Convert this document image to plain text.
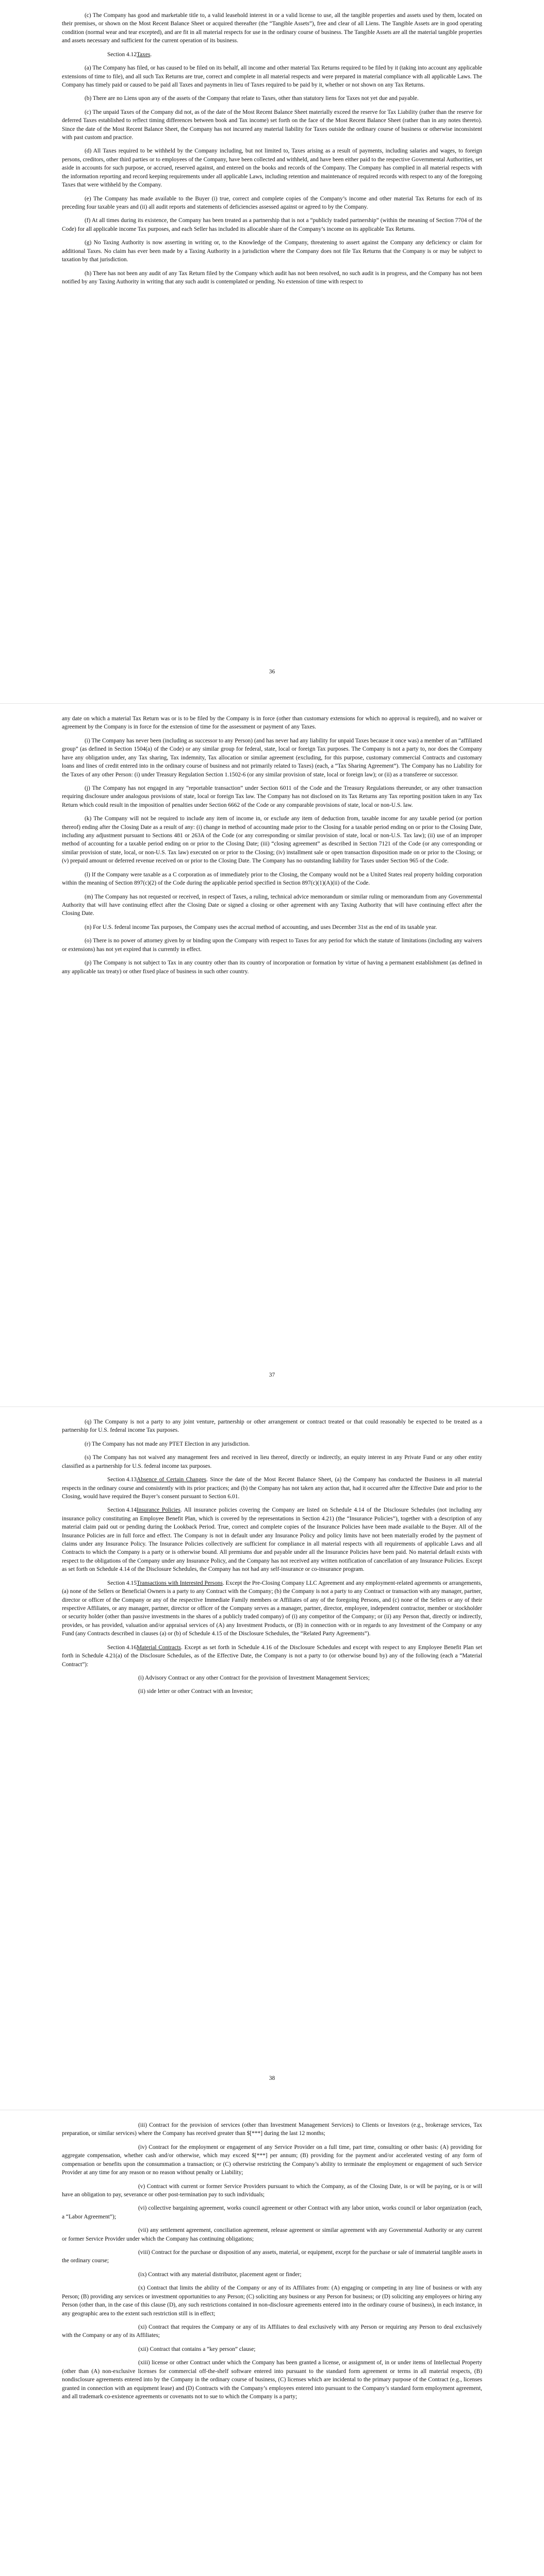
(c) The Company has good and marketable title to, a valid leasehold interest in or a valid license to use, all the tangible properties and assets used by them, located on their premises, or shown on the Most Recent Balance Sheet or acquired thereafter (the “Tangible Assets”), free and clear of all Liens. The Tangible Assets are in good operating condition (normal wear and tear excepted), and are fit in all material respects for use in the ordinary course of business. The Tangible Assets are all the material tangible properties and assets necessary and sufficient for the current operation of its business.

Section 4.12Taxes.

(a) The Company has filed, or has caused to be filed on its behalf, all income and other material Tax Returns required to be filed by it (taking into account any applicable extensions of time to file), and all such Tax Returns are true, correct and complete in all material respects and were prepared in material compliance with all applicable Laws. The Company has timely paid or caused to be paid all Taxes and payments in lieu of Taxes required to be paid by it, whether or not shown on any Tax Returns.

(b) There are no Liens upon any of the assets of the Company that relate to Taxes, other than statutory liens for Taxes not yet due and payable.

(c) The unpaid Taxes of the Company did not, as of the date of the Most Recent Balance Sheet materially exceed the reserve for Tax Liability (rather than the reserve for deferred Taxes established to reflect timing differences between book and Tax income) set forth on the face of the Most Recent Balance Sheet (rather than in any notes thereto). Since the date of the Most Recent Balance Sheet, the Company has not incurred any material liability for Taxes outside the ordinary course of business or otherwise inconsistent with past custom and practice.

(d) All Taxes required to be withheld by the Company including, but not limited to, Taxes arising as a result of payments, including salaries and wages, to foreign persons, creditors, other third parties or to employees of the Company, have been collected and withheld, and have been either paid to the respective Governmental Authorities, set aside in accounts for such purpose, or accrued, reserved against, and entered on the books and records of the Company. The Company has complied in all material respects with the information reporting and record keeping requirements under all applicable Laws, including retention and maintenance of required records with respect to any of the foregoing Taxes that were withheld by the Company.

(e) The Company has made available to the Buyer (i) true, correct and complete copies of the Company’s income and other material Tax Returns for each of its preceding four taxable years and (ii) all audit reports and statements of deficiencies assessed against or agreed to by the Company.

(f) At all times during its existence, the Company has been treated as a partnership that is not a “publicly traded partnership” (within the meaning of Section 7704 of the Code) for all applicable income Tax purposes, and each Seller has included its allocable share of the Company’s income on its applicable Tax Returns.

(g) No Taxing Authority is now asserting in writing or, to the Knowledge of the Company, threatening to assert against the Company any deficiency or claim for additional Taxes. No claim has ever been made by a Taxing Authority in a jurisdiction where the Company does not file Tax Returns that the Company is or may be subject to taxation by that jurisdiction.

(h) There has not been any audit of any Tax Return filed by the Company which audit has not been resolved, no such audit is in progress, and the Company has not been notified by any Taxing Authority in writing that any such audit is contemplated or pending. No extension of time with respect to

36

any date on which a material Tax Return was or is to be filed by the Company is in force (other than customary extensions for which no approval is required), and no waiver or agreement by the Company is in force for the extension of time for the assessment or payment of any Taxes.

(i) The Company has never been (including as successor to any Person) (and has never had any liability for unpaid Taxes because it once was) a member of an “affiliated group” (as defined in Section 1504(a) of the Code) or any similar group for federal, state, local or foreign Tax purposes. The Company is not a party to, nor does the Company have any obligation under, any Tax sharing, Tax indemnity, Tax allocation or similar agreement (excluding, for this purpose, customary commercial Contracts and customary loans and lines of credit entered into in the ordinary course of business and not primarily related to Taxes) (each, a “Tax Sharing Agreement”). The Company has no Liability for the Taxes of any other Person: (i) under Treasury Regulation Section 1.1502-6 (or any similar provision of state, local or foreign law); or (ii) as a transferee or successor.

(j) The Company has not engaged in any “reportable transaction” under Section 6011 of the Code and the Treasury Regulations thereunder, or any other transaction requiring disclosure under analogous provisions of state, local or foreign Tax law. The Company has not disclosed on its Tax Returns any Tax reporting position taken in any Tax Return which could result in the imposition of penalties under Section 6662 of the Code or any comparable provisions of state, local or non-U.S. law.

(k) The Company will not be required to include any item of income in, or exclude any item of deduction from, taxable income for any taxable period (or portion thereof) ending after the Closing Date as a result of any: (i) change in method of accounting made prior to the Closing for a taxable period ending on or prior to the Closing Date, including any adjustment pursuant to Sections 481 or 263A of the Code (or any corresponding or similar provision of state, local or non-U.S. Tax law); (ii) use of an improper method of accounting for a taxable period ending on or prior to the Closing Date; (iii) “closing agreement” as described in Section 7121 of the Code (or any corresponding or similar provision of state, local, or non-U.S. Tax law) executed on or prior to the Closing; (iv) installment sale or open transaction disposition made on or prior to the Closing; or (v) prepaid amount or deferred revenue received on or prior to the Closing Date. The Company has no outstanding liability for Taxes under Section 965 of the Code.

(l) If the Company were taxable as a C corporation as of immediately prior to the Closing, the Company would not be a United States real property holding corporation within the meaning of Section 897(c)(2) of the Code during the applicable period specified in Section 897(c)(1)(A)(ii) of the Code.

(m) The Company has not requested or received, in respect of Taxes, a ruling, technical advice memorandum or similar ruling or memorandum from any Governmental Authority that will have continuing effect after the Closing Date or signed a closing or other agreement with any Taxing Authority that will have continuing effect after the Closing Date.

(n) For U.S. federal income Tax purposes, the Company uses the accrual method of accounting, and uses December 31st as the end of its taxable year.

(o) There is no power of attorney given by or binding upon the Company with respect to Taxes for any period for which the statute of limitations (including any waivers or extensions) has not yet expired that is currently in effect.

(p) The Company is not subject to Tax in any country other than its country of incorporation or formation by virtue of having a permanent establishment (as defined in any applicable tax treaty) or other fixed place of business in such other country.

37

(q) The Company is not a party to any joint venture, partnership or other arrangement or contract treated or that could reasonably be expected to be treated as a partnership for U.S. federal income Tax purposes.

(r) The Company has not made any PTET Election in any jurisdiction.

(s) The Company has not waived any management fees and received in lieu thereof, directly or indirectly, an equity interest in any Private Fund or any other entity classified as a partnership for U.S. federal income tax purposes.

Section 4.13Absence of Certain Changes. Since the date of the Most Recent Balance Sheet, (a) the Company has conducted the Business in all material respects in the ordinary course and consistently with its prior practices; and (b) the Company has not taken any action that, had it occurred after the Effective Date and prior to the Closing, would have required the Buyer’s consent pursuant to Section 6.01.

Section 4.14Insurance Policies. All insurance policies covering the Company are listed on Schedule 4.14 of the Disclosure Schedules (not including any insurance policy constituting an Employee Benefit Plan, which is covered by the representations in Section 4.21) (the “Insurance Policies”), together with a description of any material claim paid out or pending during the Lookback Period. True, correct and complete copies of the Insurance Policies have been made available to the Buyer. All of the Insurance Policies are in full force and effect. The Company is not in default under any Insurance Policy and policy limits have not been materially eroded by the payment of claims under any Insurance Policy. The Insurance Policies collectively are sufficient for compliance in all material respects with all requirements of applicable Laws and all Contracts to which the Company is a party or is otherwise bound. All premiums due and payable under all the Insurance Policies have been paid. No material default exists with respect to the obligations of the Company under any Insurance Policy, and the Company has not received any written notification of cancellation of any Insurance Policies. Except as set forth on Schedule 4.14 of the Disclosure Schedules, the Company has not had any self-insurance or co-insurance program.

Section 4.15Transactions with Interested Persons. Except the Pre-Closing Company LLC Agreement and any employment-related agreements or arrangements, (a) none of the Sellers or Beneficial Owners is a party to any Contract with the Company; (b) the Company is not a party to any Contract or transaction with any manager, partner, director or officer of the Company or any of the respective Immediate Family members or Affiliates of any of the foregoing Persons, and (c) none of the Sellers or any of their respective Affiliates, or any manager, partner, director or officer of the Company serves as a manager, partner, director, employee, independent contractor, member or stockholder or security holder (other than passive investments in the shares of a publicly traded company) of (i) any competitor of the Company; or (ii) any Person that, directly or indirectly, provides, or has provided, valuation and/or appraisal services of (A) any Investment Products, or (B) in connection with or in regards to any Investment of the Company or any Fund (any Contracts described in clauses (a) or (b) of Schedule 4.15 of the Disclosure Schedules, the “Related Party Agreements”).

Section 4.16Material Contracts. Except as set forth in Schedule 4.16 of the Disclosure Schedules and except with respect to any Employee Benefit Plan set forth in Schedule 4.21(a) of the Disclosure Schedules, as of the Effective Date, the Company is not a party to (or otherwise bound by) any of the following (each a “Material Contract”):

(i) Advisory Contract or any other Contract for the provision of Investment Management Services;

(ii) side letter or other Contract with an Investor;

38

(iii) Contract for the provision of services (other than Investment Management Services) to Clients or Investors (e.g., brokerage services, Tax preparation, or similar services) where the Company has received greater than $[***] during the last 12 months;

(iv) Contract for the employment or engagement of any Service Provider on a full time, part time, consulting or other basis: (A) providing for aggregate compensation, whether cash and/or otherwise, which may exceed $[***] per annum; (B) providing for the payment and/or accelerated vesting of any form of compensation or benefits upon the consummation a transaction; or (C) otherwise restricting the Company’s ability to terminate the employment or engagement of such Service Provider at any time for any reason or no reason without penalty or Liability;

(v) Contract with current or former Service Providers pursuant to which the Company, as of the Closing Date, is or will be paying, or is or will have an obligation to pay, severance or other post-termination pay to such individuals;

(vi) collective bargaining agreement, works council agreement or other Contract with any labor union, works council or labor organization (each, a “Labor Agreement”);

(vii) any settlement agreement, conciliation agreement, release agreement or similar agreement with any Governmental Authority or any current or former Service Provider under which the Company has continuing obligations;

(viii) Contract for the purchase or disposition of any assets, material, or equipment, except for the purchase or sale of immaterial tangible assets in the ordinary course;

(ix) Contract with any material distributor, placement agent or finder;

(x) Contract that limits the ability of the Company or any of its Affiliates from: (A) engaging or competing in any line of business or with any Person; (B) providing any services or investment opportunities to any Person; (C) soliciting any business or any Person for business; or (D) soliciting any employees or hiring any Person (other than, in the case of this clause (D), any such restrictions contained in non-disclosure agreements entered into in the ordinary course of business), in each instance, in any geographic area to the extent such restriction still is in effect;

(xi) Contract that requires the Company or any of its Affiliates to deal exclusively with any Person or requiring any Person to deal exclusively with the Company or any of its Affiliates;

(xii) Contract that contains a “key person” clause;

(xiii) license or other Contract under which the Company has been granted a license, or assignment of, in or under items of Intellectual Property (other than (A) non-exclusive licenses for commercial off-the-shelf software entered into pursuant to the standard form agreement or terms in all material respects, (B) nondisclosure agreements entered into by the Company in the ordinary course of business, (C) licenses which are incidental to the primary purpose of the Contract (e.g., licenses granted in connection with an equipment lease) and (D) Contracts with the Company’s employees entered into pursuant to the Company’s standard form employment agreement, and all trademark co-existence agreements or covenants not to sue to which the Company is a party;
